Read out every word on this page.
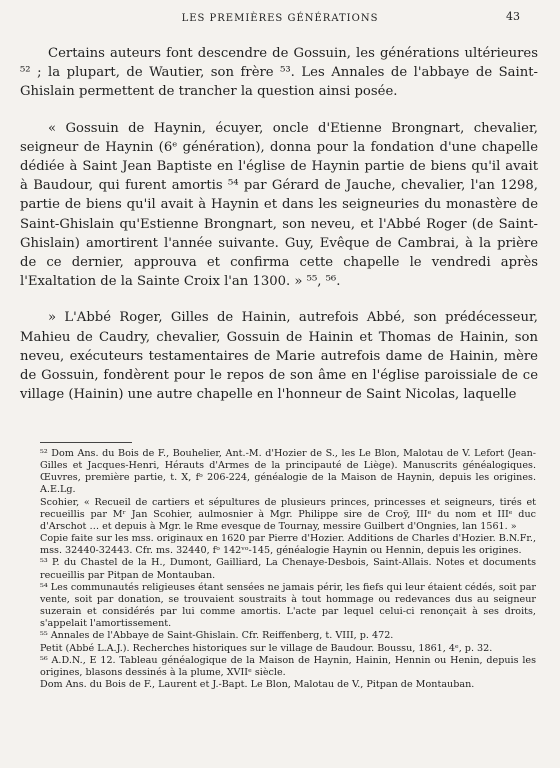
LES PREMIÈRES GÉNÉRATIONS	43

Certains auteurs font descendre de Gossuin, les générations ultérieures ⁵² ; la plupart, de Wautier, son frère ⁵³. Les Annales de l'abbaye de Saint-Ghislain permettent de trancher la question ainsi posée.

« Gossuin de Haynin, écuyer, oncle d'Etienne Brongnart, chevalier, seigneur de Haynin (6ᵉ génération), donna pour la fondation d'une chapelle dédiée à Saint Jean Baptiste en l'église de Haynin partie de biens qu'il avait à Baudour, qui furent amortis ⁵⁴ par Gérard de Jauche, chevalier, l'an 1298, partie de biens qu'il avait à Haynin et dans les seigneuries du monastère de Saint-Ghislain qu'Estienne Brongnart, son neveu, et l'Abbé Roger (de Saint-Ghislain) amortirent l'année suivante. Guy, Evêque de Cambrai, à la prière de ce dernier, approuva et confirma cette chapelle le vendredi après l'Exaltation de la Sainte Croix l'an 1300. » ⁵⁵, ⁵⁶.

» L'Abbé Roger, Gilles de Hainin, autrefois Abbé, son prédécesseur, Mahieu de Caudry, chevalier, Gossuin de Hainin et Thomas de Hainin, son neveu, exécuteurs testamentaires de Marie autrefois dame de Hainin, mère de Gossuin, fondèrent pour le repos de son âme en l'église paroissiale de ce village (Hainin) une autre chapelle en l'honneur de Saint Nicolas, laquelle

⁵² Dom Ans. du Bois de F., Bouhelier, Ant.-M. d'Hozier de S., les Le Blon, Malotau de V. Lefort (Jean-Gilles et Jacques-Henri, Hérauts d'Armes de la principauté de Liège). Manuscrits généalogiques. Œuvres, première partie, t. X, fᵒ 206-224, généalogie de la Maison de Haynin, depuis les origines. A.E.Lg.

Scohier, « Recueil de cartiers et sépultures de plusieurs princes, princesses et seigneurs, tirés et recueillis par Mʳ Jan Scohier, aulmosnier à Mgr. Philippe sire de Croÿ, IIIᵉ du nom et IIIᵉ duc d'Arschot … et depuis à Mgr. le Rme evesque de Tournay, messire Guilbert d'Ongnies, lan 1561. »

Copie faite sur les mss. originaux en 1620 par Pierre d'Hozier. Additions de Charles d'Hozier. B.N.Fr., mss. 32440-32443. Cfr. ms. 32440, fᵒ 142ᵛᵒ-145, généalogie Haynin ou Hennin, depuis les origines.

⁵³ P. du Chastel de la H., Dumont, Gailliard, La Chenaye-Desbois, Saint-Allais. Notes et documents recueillis par Pitpan de Montauban.

⁵⁴ Les communautés religieuses étant sensées ne jamais périr, les fiefs qui leur étaient cédés, soit par vente, soit par donation, se trouvaient soustraits à tout hommage ou redevances dus au seigneur suzerain et considérés par lui comme amortis. L'acte par lequel celui-ci renonçait à ses droits, s'appelait l'amortissement.

⁵⁵ Annales de l'Abbaye de Saint-Ghislain. Cfr. Reiffenberg, t. VIII, p. 472.

Petit (Abbé L.A.J.). Recherches historiques sur le village de Baudour. Boussu, 1861, 4ᵉ, p. 32.

⁵⁶ A.D.N., E 12. Tableau généalogique de la Maison de Haynin, Hainin, Hennin ou Henin, depuis les origines, blasons dessinés à la plume, XVIIᵉ siècle.

Dom Ans. du Bois de F., Laurent et J.-Bapt. Le Blon, Malotau de V., Pitpan de Montauban.
